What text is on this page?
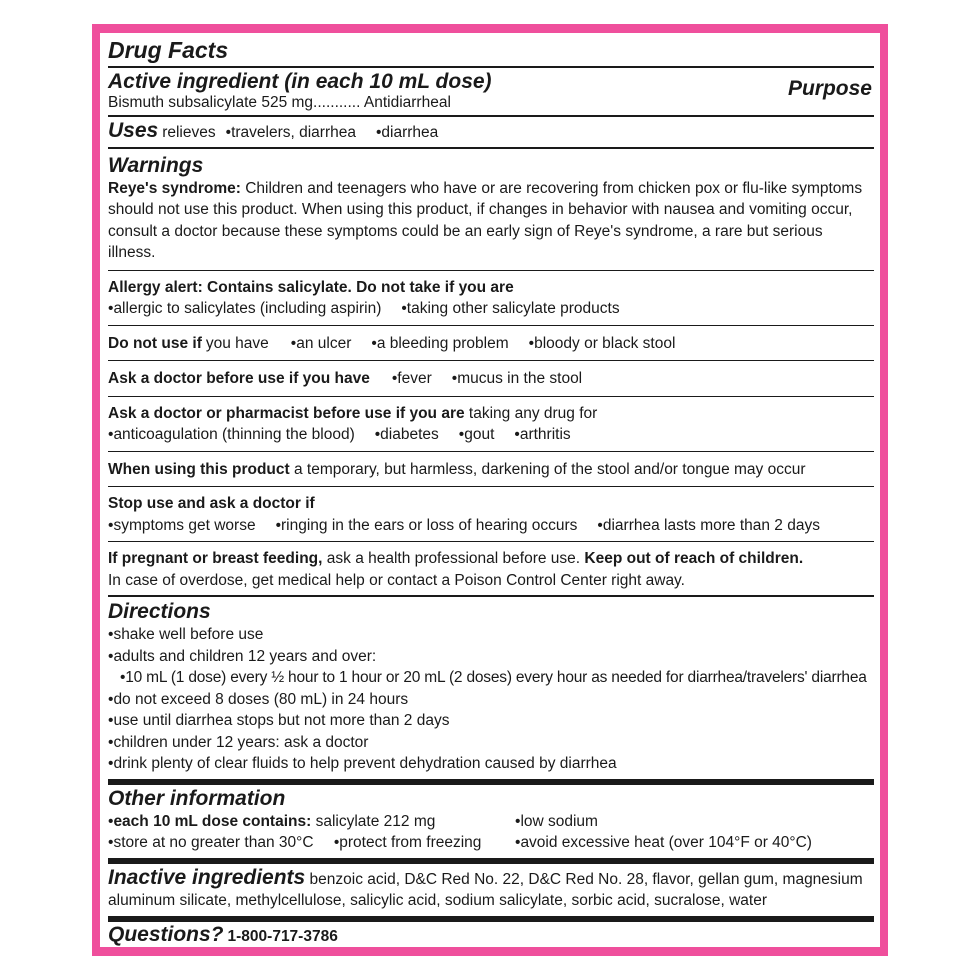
Drug Facts
Active ingredient (in each 10 mL dose)	Purpose
Bismuth subsalicylate 525 mg........... Antidiarrheal
Uses relieves • travelers, diarrhea	• diarrhea
Warnings
Reye's syndrome: Children and teenagers who have or are recovering from chicken pox or flu-like symptoms should not use this product. When using this product, if changes in behavior with nausea and vomiting occur, consult a doctor because these symptoms could be an early sign of Reye's syndrome, a rare but serious illness.
Allergy alert: Contains salicylate. Do not take if you are
• allergic to salicylates (including aspirin)	• taking other salicylate products
Do not use if you have	• an ulcer	• a bleeding problem	• bloody or black stool
Ask a doctor before use if you have	• fever	• mucus in the stool
Ask a doctor or pharmacist before use if you are taking any drug for
• anticoagulation (thinning the blood)	• diabetes	• gout	• arthritis
When using this product a temporary, but harmless, darkening of the stool and/or tongue may occur
Stop use and ask a doctor if
• symptoms get worse	• ringing in the ears or loss of hearing occurs	• diarrhea lasts more than 2 days
If pregnant or breast feeding, ask a health professional before use. Keep out of reach of children.
In case of overdose, get medical help or contact a Poison Control Center right away.
Directions
• shake well before use
• adults and children 12 years and over:
• 10 mL (1 dose) every ½ hour to 1 hour or 20 mL (2 doses) every hour as needed for diarrhea/travelers' diarrhea
• do not exceed 8 doses (80 mL) in 24 hours
• use until diarrhea stops but not more than 2 days
• children under 12 years: ask a doctor
• drink plenty of clear fluids to help prevent dehydration caused by diarrhea
Other information
• each 10 mL dose contains: salicylate 212 mg	• low sodium
• store at no greater than 30°C • protect from freezing	• avoid excessive heat (over 104°F or 40°C)
Inactive ingredients benzoic acid, D&C Red No. 22, D&C Red No. 28, flavor, gellan gum, magnesium aluminum silicate, methylcellulose, salicylic acid, sodium salicylate, sorbic acid, sucralose, water
Questions? 1-800-717-3786
